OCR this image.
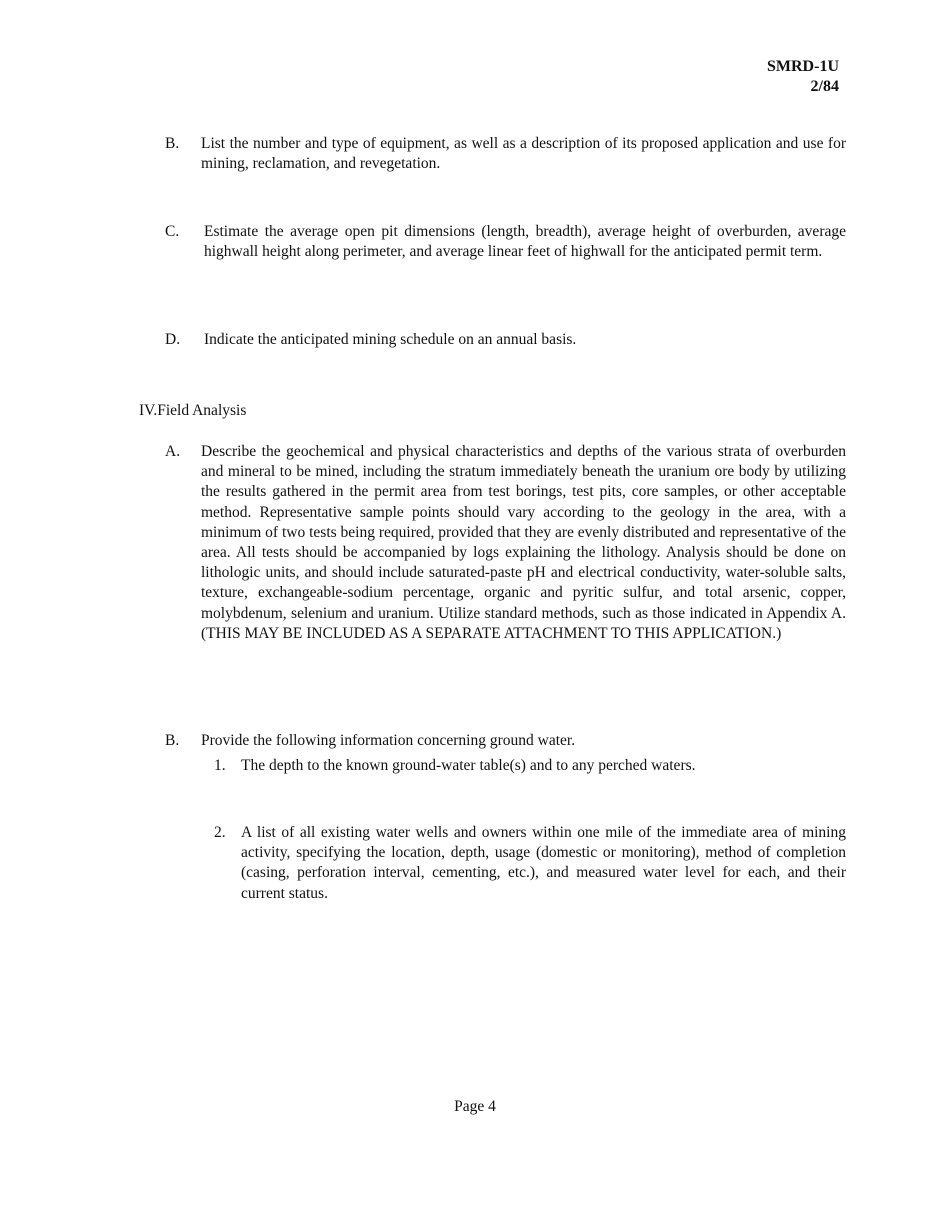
SMRD-1U
2/84
B. List the number and type of equipment, as well as a description of its proposed application and use for mining, reclamation, and revegetation.
C. Estimate the average open pit dimensions (length, breadth), average height of overburden, average highwall height along perimeter, and average linear feet of highwall for the anticipated permit term.
D. Indicate the anticipated mining schedule on an annual basis.
IV.Field Analysis
A. Describe the geochemical and physical characteristics and depths of the various strata of overburden and mineral to be mined, including the stratum immediately beneath the uranium ore body by utilizing the results gathered in the permit area from test borings, test pits, core samples, or other acceptable method. Representative sample points should vary according to the geology in the area, with a minimum of two tests being required, provided that they are evenly distributed and representative of the area. All tests should be accompanied by logs explaining the lithology. Analysis should be done on lithologic units, and should include saturated-paste pH and electrical conductivity, water-soluble salts, texture, exchangeable-sodium percentage, organic and pyritic sulfur, and total arsenic, copper, molybdenum, selenium and uranium. Utilize standard methods, such as those indicated in Appendix A. (THIS MAY BE INCLUDED AS A SEPARATE ATTACHMENT TO THIS APPLICATION.)
B. Provide the following information concerning ground water.
1. The depth to the known ground-water table(s) and to any perched waters.
2. A list of all existing water wells and owners within one mile of the immediate area of mining activity, specifying the location, depth, usage (domestic or monitoring), method of completion (casing, perforation interval, cementing, etc.), and measured water level for each, and their current status.
Page 4
